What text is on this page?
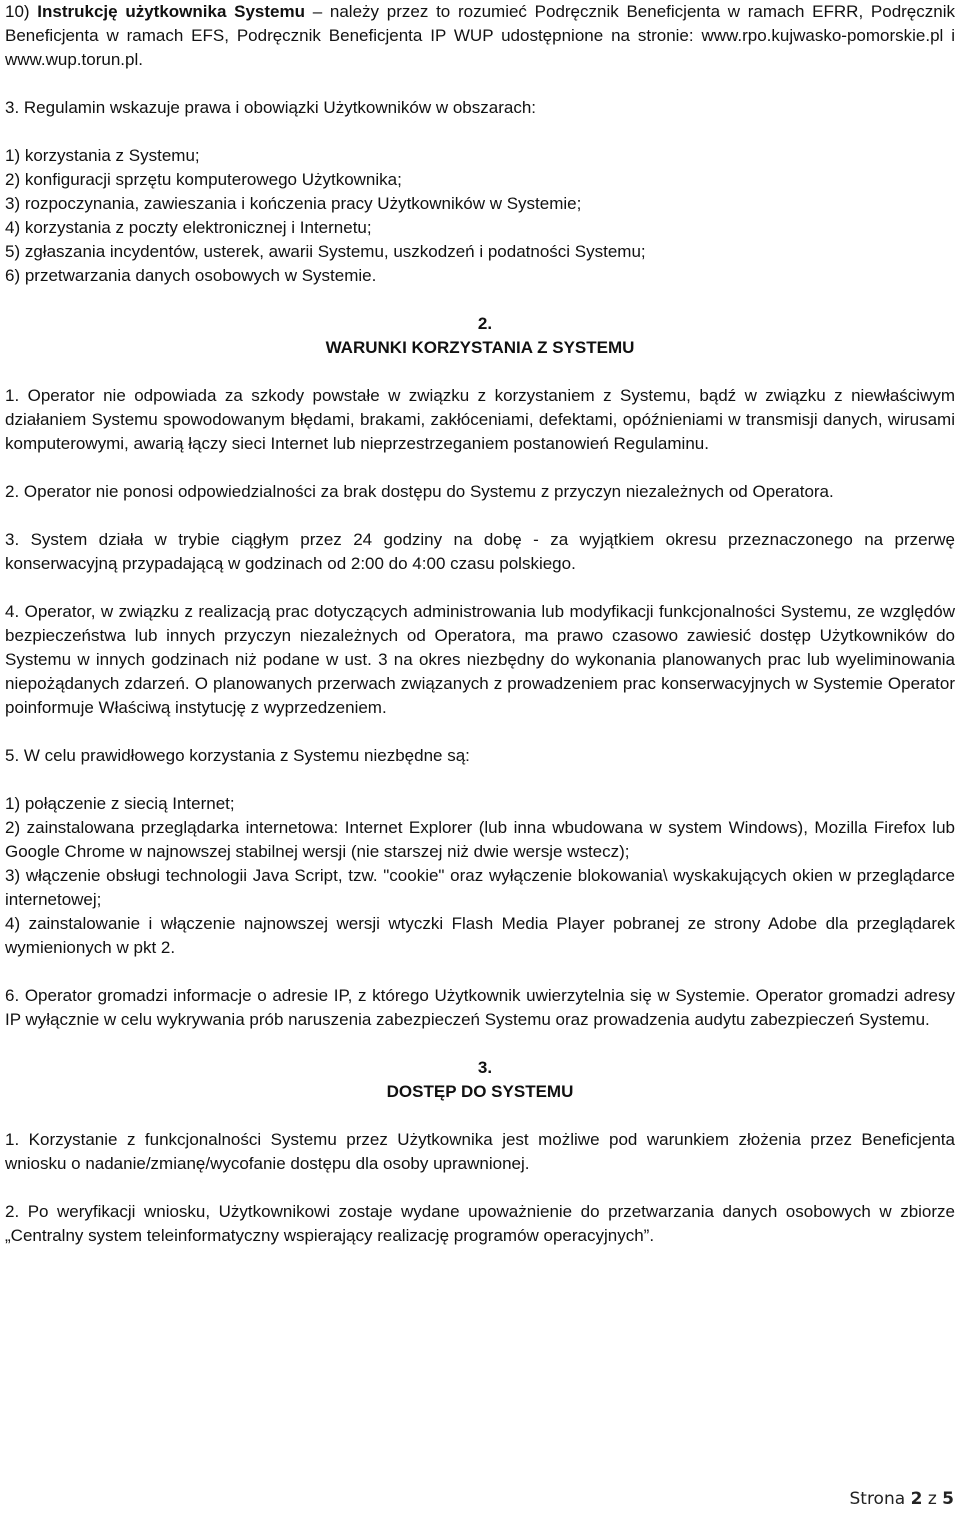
10) Instrukcję użytkownika Systemu – należy przez to rozumieć Podręcznik Beneficjenta w ramach EFRR, Podręcznik Beneficjenta w ramach EFS, Podręcznik Beneficjenta IP WUP udostępnione na stronie: www.rpo.kujwasko-pomorskie.pl i www.wup.torun.pl.

3. Regulamin wskazuje prawa i obowiązki Użytkowników w obszarach:

1) korzystania z Systemu;

2) konfiguracji sprzętu komputerowego Użytkownika;

3) rozpoczynania, zawieszania i kończenia pracy Użytkowników w Systemie;

4) korzystania z poczty elektronicznej i Internetu;

5) zgłaszania incydentów, usterek, awarii Systemu, uszkodzeń i podatności Systemu;

6) przetwarzania danych osobowych w Systemie.

2.

WARUNKI KORZYSTANIA Z SYSTEMU

1. Operator nie odpowiada za szkody powstałe w związku z korzystaniem z Systemu, bądź w związku z niewłaściwym działaniem Systemu spowodowanym błędami, brakami, zakłóceniami, defektami, opóźnieniami w transmisji danych, wirusami komputerowymi, awarią łączy sieci Internet lub nieprzestrzeganiem postanowień Regulaminu.

2. Operator nie ponosi odpowiedzialności za brak dostępu do Systemu z przyczyn niezależnych od Operatora.

3. System działa w trybie ciągłym przez 24 godziny na dobę - za wyjątkiem okresu przeznaczonego na przerwę konserwacyjną przypadającą w godzinach od 2:00 do 4:00 czasu polskiego.

4. Operator, w związku z realizacją prac dotyczących administrowania lub modyfikacji funkcjonalności Systemu, ze względów bezpieczeństwa lub innych przyczyn niezależnych od Operatora, ma prawo czasowo zawiesić dostęp Użytkowników do Systemu w innych godzinach niż podane w ust. 3 na okres niezbędny do wykonania planowanych prac lub wyeliminowania niepożądanych zdarzeń. O planowanych przerwach związanych z prowadzeniem prac konserwacyjnych w Systemie Operator poinformuje Właściwą instytucję z wyprzedzeniem.

5. W celu prawidłowego korzystania z Systemu niezbędne są:

1) połączenie z siecią Internet;

2) zainstalowana przeglądarka internetowa: Internet Explorer (lub inna wbudowana w system Windows), Mozilla Firefox lub Google Chrome w najnowszej stabilnej wersji (nie starszej niż dwie wersje wstecz);

3) włączenie obsługi technologii Java Script, tzw. "cookie" oraz wyłączenie blokowania\ wyskakujących okien w przeglądarce internetowej;

4) zainstalowanie i włączenie najnowszej wersji wtyczki Flash Media Player pobranej ze strony Adobe dla przeglądarek wymienionych w pkt 2.

6. Operator gromadzi informacje o adresie IP, z którego Użytkownik uwierzytelnia się w Systemie. Operator gromadzi adresy IP wyłącznie w celu wykrywania prób naruszenia zabezpieczeń Systemu oraz prowadzenia audytu zabezpieczeń Systemu.

3.

DOSTĘP DO SYSTEMU

1. Korzystanie z funkcjonalności Systemu przez Użytkownika jest możliwe pod warunkiem złożenia przez Beneficjenta wniosku o nadanie/zmianę/wycofanie dostępu dla osoby uprawnionej.

2. Po weryfikacji wniosku, Użytkownikowi zostaje wydane upoważnienie do przetwarzania danych osobowych w zbiorze „Centralny system teleinformatyczny wspierający realizację programów operacyjnych”.

Strona 2 z 5
